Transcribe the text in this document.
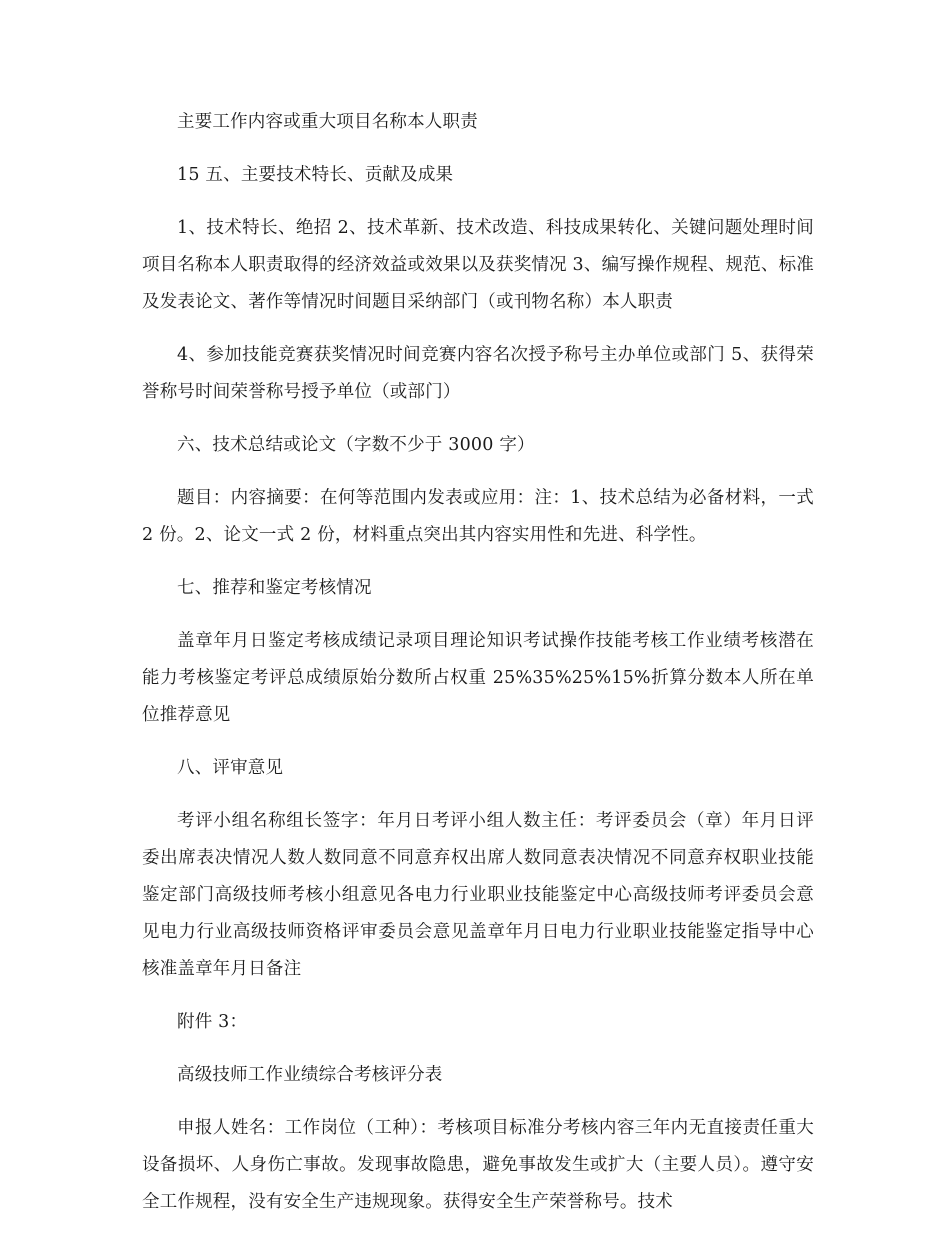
主要工作内容或重大项目名称本人职责

15 五、主要技术特长、贡献及成果

1、技术特长、绝招 2、技术革新、技术改造、科技成果转化、关键问题处理时间项目名称本人职责取得的经济效益或效果以及获奖情况 3、编写操作规程、规范、标准及发表论文、著作等情况时间题目采纳部门（或刊物名称）本人职责

4、参加技能竞赛获奖情况时间竞赛内容名次授予称号主办单位或部门 5、获得荣誉称号时间荣誉称号授予单位（或部门）

六、技术总结或论文（字数不少于 3000 字）

题目：内容摘要：在何等范围内发表或应用：注：1、技术总结为必备材料，一式 2 份。2、论文一式 2 份，材料重点突出其内容实用性和先进、科学性。

七、推荐和鉴定考核情况

盖章年月日鉴定考核成绩记录项目理论知识考试操作技能考核工作业绩考核潜在能力考核鉴定考评总成绩原始分数所占权重 25%35%25%15%折算分数本人所在单位推荐意见

八、评审意见

考评小组名称组长签字：年月日考评小组人数主任：考评委员会（章）年月日评委出席表决情况人数人数同意不同意弃权出席人数同意表决情况不同意弃权职业技能鉴定部门高级技师考核小组意见各电力行业职业技能鉴定中心高级技师考评委员会意见电力行业高级技师资格评审委员会意见盖章年月日电力行业职业技能鉴定指导中心核准盖章年月日备注

附件 3：

高级技师工作业绩综合考核评分表

申报人姓名：工作岗位（工种）：考核项目标准分考核内容三年内无直接责任重大设备损坏、人身伤亡事故。发现事故隐患，避免事故发生或扩大（主要人员）。遵守安全工作规程，没有安全生产违规现象。获得安全生产荣誉称号。技术
